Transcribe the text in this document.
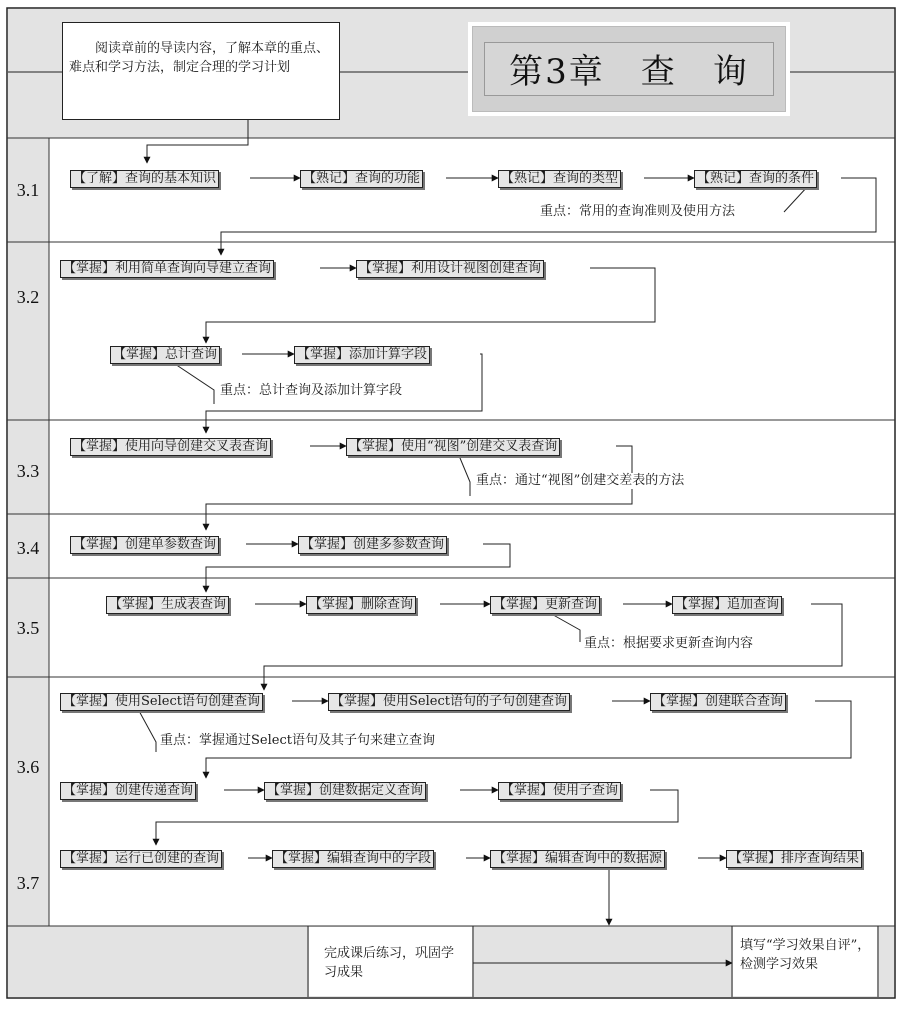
阅读章前的导读内容，了解本章的重点、难点和学习方法，制定合理的学习计划	第3章　查　询
3.1
3.2
3.3
3.4
3.5
3.6
3.7
【了解】查询的基本知识	【熟记】查询的功能	【熟记】查询的类型	【熟记】查询的条件
重点：常用的查询准则及使用方法
【掌握】利用简单查询向导建立查询	【掌握】利用设计视图创建查询
【掌握】总计查询	【掌握】添加计算字段
重点：总计查询及添加计算字段
【掌握】使用向导创建交叉表查询	【掌握】使用“视图”创建交叉表查询
重点：通过“视图”创建交差表的方法
【掌握】创建单参数查询	【掌握】创建多参数查询
【掌握】生成表查询	【掌握】删除查询	【掌握】更新查询	【掌握】追加查询
重点：根据要求更新查询内容
【掌握】使用Select语句创建查询	【掌握】使用Select语句的子句创建查询	【掌握】创建联合查询
重点：掌握通过Select语句及其子句来建立查询
【掌握】创建传递查询	【掌握】创建数据定义查询	【掌握】使用子查询
【掌握】运行已创建的查询	【掌握】编辑查询中的字段	【掌握】编辑查询中的数据源	【掌握】排序查询结果
完成课后练习，巩固学习成果
填写“学习效果自评”，检测学习效果
